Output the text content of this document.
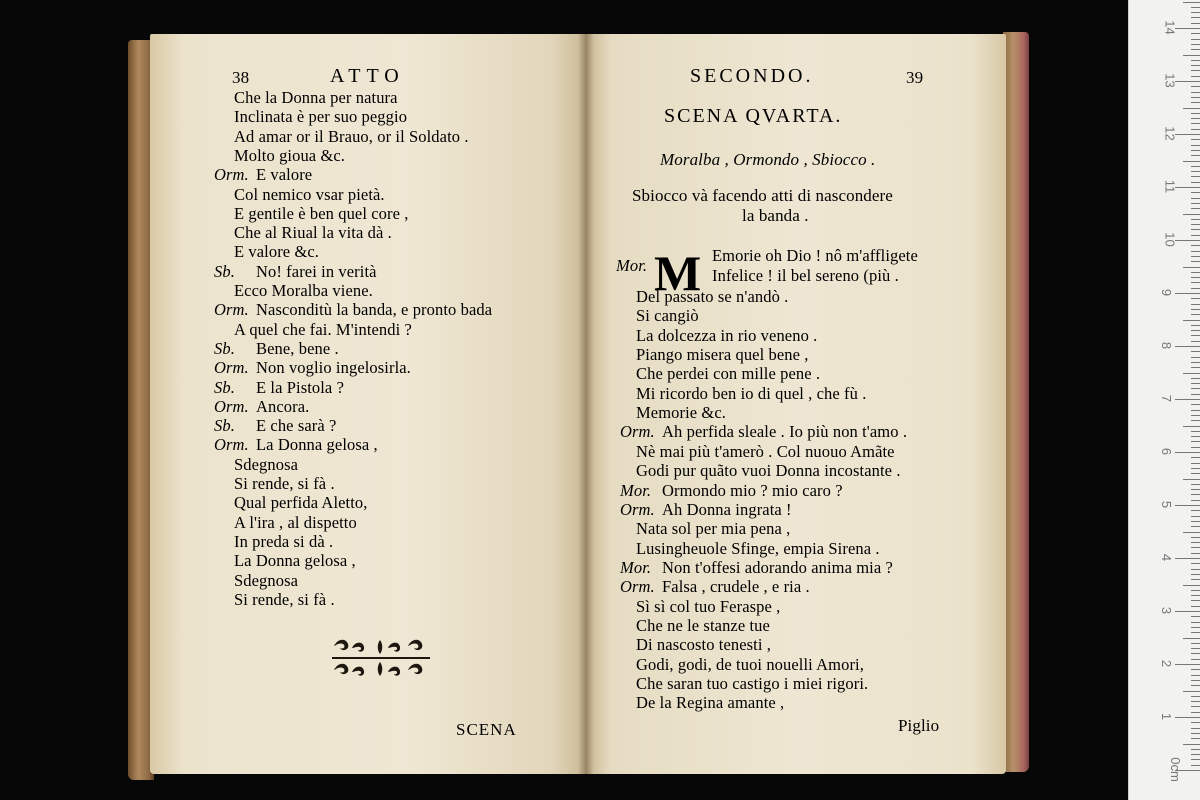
38	ATTO
Che la Donna per natura
Inclinata è per suo peggio
Ad amar or il Brauo, or il Soldato .
Molto gioua &c.
Orm. E valore
Col nemico vsar pietà.
E gentile è ben quel core ,
Che al Riual la vita dà .
E valore &c.
Sb. No! farei in verità
Ecco Moralba viene.
Orm. Nasconditù la banda, e pronto bada
A quel che fai. M'intendi ?
Sb. Bene, bene .
Orm. Non voglio ingelosirla.
Sb. E la Pistola ?
Orm. Ancora.
Sb. E che sarà ?
Orm. La Donna gelosa ,
Sdegnosa
Si rende, si fà .
Qual perfida Aletto,
A l'ira , al dispetto
In preda si dà .
La Donna gelosa ,
Sdegnosa
Si rende, si fà .
SCENA
SECONDO.	39
SCENA QVARTA.
Moralba , Ormondo , Sbiocco .
Sbiocco và facendo atti di nascondere
la banda .
Mor. M Emorie oh Dio ! nô m'affligete
Infelice ! il bel sereno (più .
Del passato se n'andò .
Si cangiò
La dolcezza in rio veneno .
Piango misera quel bene ,
Che perdei con mille pene .
Mi ricordo ben io di quel , che fù .
Memorie &c.
Orm. Ah perfida sleale . Io più non t'amo .
Nè mai più t'amerò . Col nuouo Amãte
Godi pur quãto vuoi Donna incostante .
Mor. Ormondo mio ? mio caro ?
Orm. Ah Donna ingrata !
Nata sol per mia pena ,
Lusingheuole Sfinge, empia Sirena .
Mor. Non t'offesi adorando anima mia ?
Orm. Falsa , crudele , e ria .
Sì sì col tuo Feraspe ,
Che ne le stanze tue
Di nascosto tenesti ,
Godi, godi, de tuoi nouelli Amori,
Che saran tuo castigo i miei rigori.
De la Regina amante ,
Piglio
0cm
1
2
3
4
5
6
7
8
9
10
11
12
13
14
